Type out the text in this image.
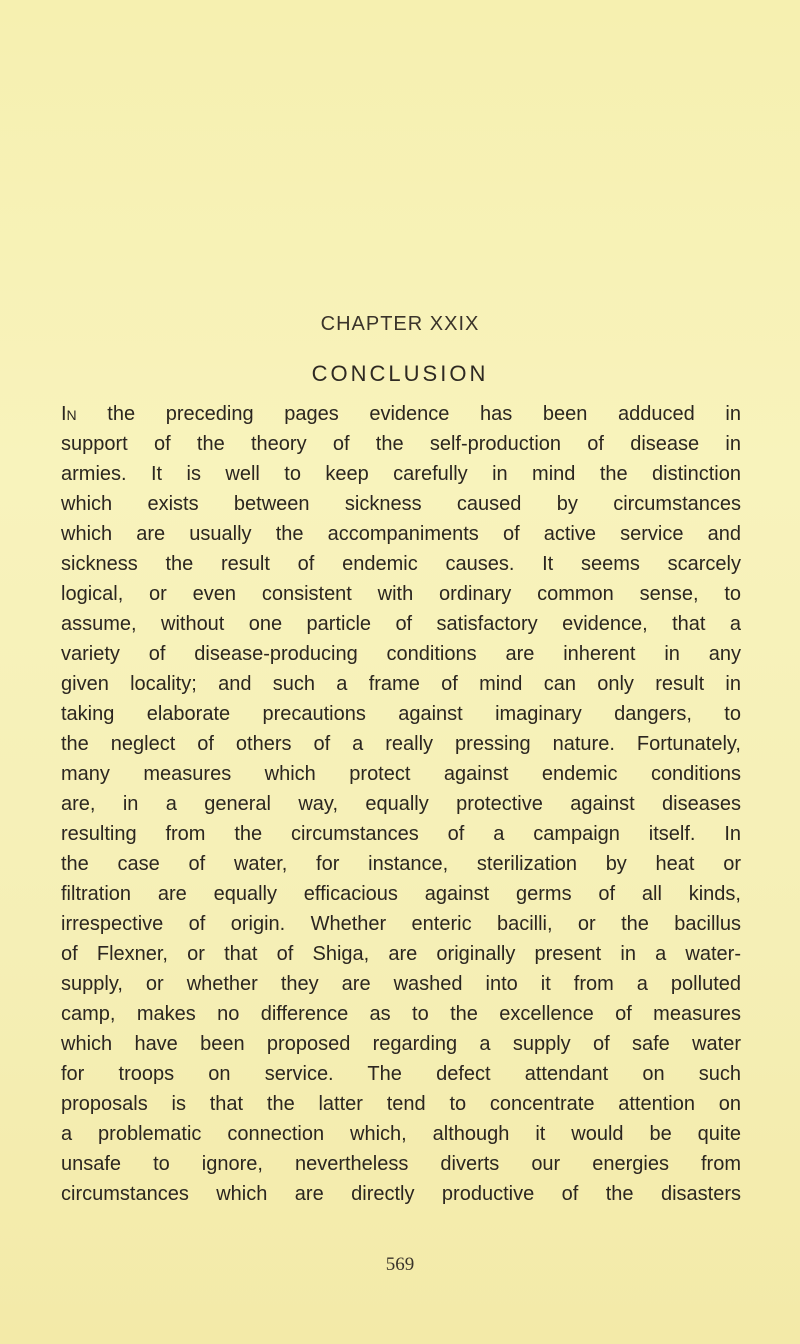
CHAPTER XXIX
CONCLUSION
In the preceding pages evidence has been adduced in
support of the theory of the self-production of disease in
armies. It is well to keep carefully in mind the distinction
which exists between sickness caused by circumstances
which are usually the accompaniments of active service and
sickness the result of endemic causes. It seems scarcely
logical, or even consistent with ordinary common sense, to
assume, without one particle of satisfactory evidence, that a
variety of disease-producing conditions are inherent in any
given locality; and such a frame of mind can only result in
taking elaborate precautions against imaginary dangers, to
the neglect of others of a really pressing nature. Fortunately,
many measures which protect against endemic conditions
are, in a general way, equally protective against diseases
resulting from the circumstances of a campaign itself. In
the case of water, for instance, sterilization by heat or
filtration are equally efficacious against germs of all kinds,
irrespective of origin. Whether enteric bacilli, or the bacillus
of Flexner, or that of Shiga, are originally present in a water-
supply, or whether they are washed into it from a polluted
camp, makes no difference as to the excellence of measures
which have been proposed regarding a supply of safe water
for troops on service. The defect attendant on such
proposals is that the latter tend to concentrate attention on
a problematic connection which, although it would be quite
unsafe to ignore, nevertheless diverts our energies from
circumstances which are directly productive of the disasters
569
